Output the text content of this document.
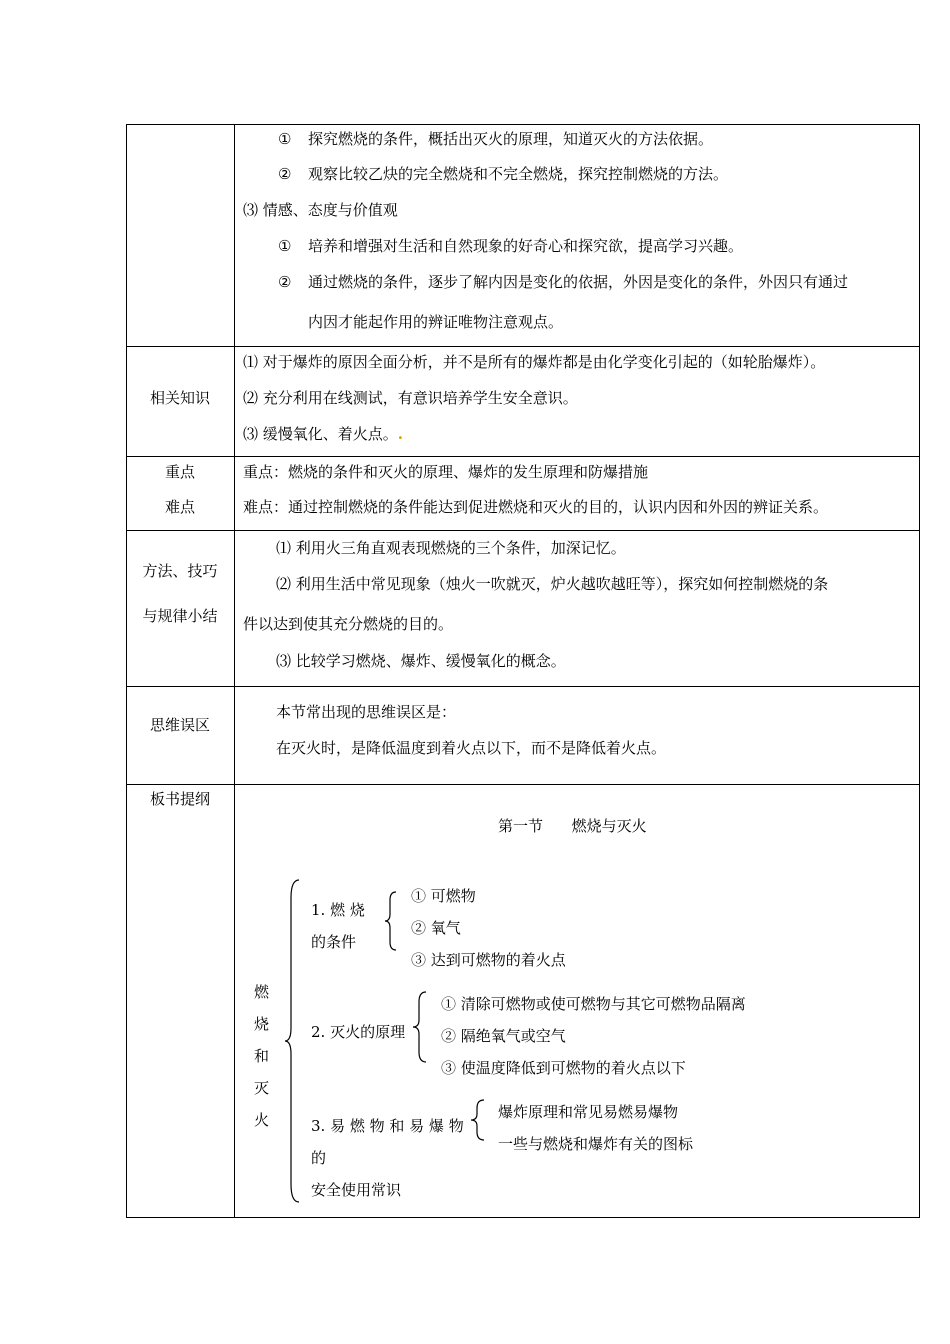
① 探究燃烧的条件，概括出灭火的原理，知道灭火的方法依据。
② 观察比较乙炔的完全燃烧和不完全燃烧，探究控制燃烧的方法。
⑶ 情感、态度与价值观
① 培养和增强对生活和自然现象的好奇心和探究欲，提高学习兴趣。
② 通过燃烧的条件，逐步了解内因是变化的依据，外因是变化的条件，外因只有通过
内因才能起作用的辨证唯物注意观点。
相关知识
⑴ 对于爆炸的原因全面分析，并不是所有的爆炸都是由化学变化引起的（如轮胎爆炸）。
⑵ 充分利用在线测试，有意识培养学生安全意识。
⑶ 缓慢氧化、着火点。.
重点
难点
重点：燃烧的条件和灭火的原理、爆炸的发生原理和防爆措施
难点：通过控制燃烧的条件能达到促进燃烧和灭火的目的，认识内因和外因的辨证关系。
方法、技巧
与规律小结
⑴ 利用火三角直观表现燃烧的三个条件，加深记忆。
⑵ 利用生活中常见现象（烛火一吹就灭，炉火越吹越旺等），探究如何控制燃烧的条
件以达到使其充分燃烧的目的。
⑶ 比较学习燃烧、爆炸、缓慢氧化的概念。
思维误区
本节常出现的思维误区是：
在灭火时，是降低温度到着火点以下，而不是降低着火点。
板书提纲
第一节      燃烧与灭火
燃
烧
和
灭
火
1. 燃 烧
的条件
① 可燃物
② 氧气
③ 达到可燃物的着火点
2. 灭火的原理
① 清除可燃物或使可燃物与其它可燃物品隔离
② 隔绝氧气或空气
③ 使温度降低到可燃物的着火点以下
3. 易 燃 物 和 易 爆 物
的
安全使用常识
爆炸原理和常见易燃易爆物
一些与燃烧和爆炸有关的图标
